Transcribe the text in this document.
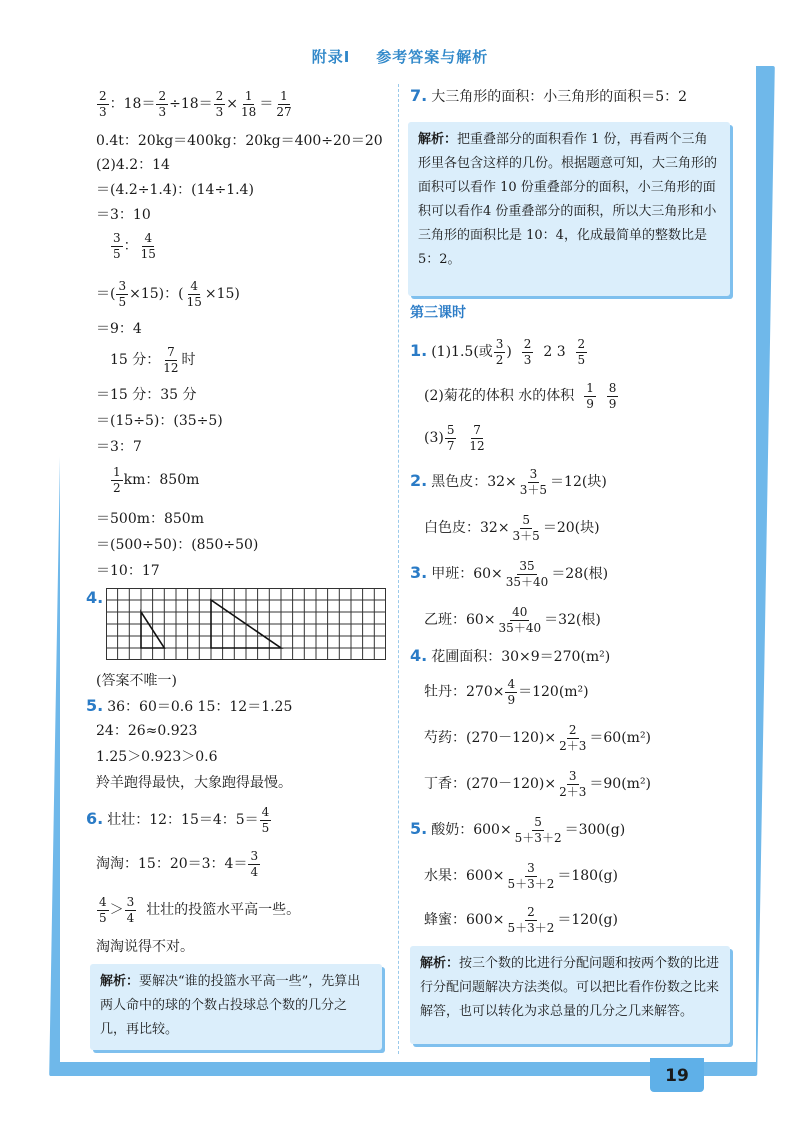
附录Ⅰ 参考答案与解析
$\frac{2}{3}$ ：$18= \frac{2}{3} \div 18= \frac{2}{3} \times \frac{1}{18} = \frac{1}{27}$
0.4t：20kg＝400kg：20kg＝400÷20＝20
(2)4.2：14
＝(4.2÷1.4)：(14÷1.4)
＝3：10
$\frac{3}{5}$ ： $\frac{4}{15}$
＝( $\frac{3}{5} \times 15$)：( $\frac{4}{15} \times 15$)
＝9：4
15 分： $\frac{7}{12}$ 时
＝15 分：35 分
＝(15÷5)：(35÷5)
＝3：7
$\frac{1}{2}$ km：850m
＝500m：850m
＝(500÷50)：(850÷50)
＝10：17
4.
(答案不唯一)
5. 36：60＝0.6 15：12＝1.25
24：26≈0.923
1.25＞0.923＞0.6
羚羊跑得最快，大象跑得最慢。
6. 壮壮：12：15＝4：$5= \frac{4}{5}$
淘淘：15：20＝3：$4= \frac{3}{4}$
$\frac{4}{5} > \frac{3}{4}$ 壮壮的投篮水平高一些。
淘淘说得不对。
解析：要解决“谁的投篮水平高一些”，先算出两人命中的球的个数占投球总个数的几分之几，再比较。
7. 大三角形的面积：小三角形的面积＝5：2
第三课时
1. (1)1.5(或 $\frac{3}{2}$ ) $\frac{2}{3} 2$ $3 \frac{2}{5}$
(2)菊花的体积 水的体积 $\frac{1}{9}$
$\frac{8}{9}$
$(3) \frac{5}{7}$
$\frac{7}{12}$
2. 黑色皮：$32\times \frac{3}{3+5} =12$(块)
白色皮：$32\times \frac{5}{3+5} =20$(块)
3. 甲班：$60\times \frac{35}{35+40} =28$(根)
乙班：$60\times \frac{40}{35+40} =32$(根)
4. 花圃面积：30×9＝270(m²)
牡丹：$270\times \frac{4}{9} =120(m^2)$
芍药：$(270-120)\times \frac{2}{2+3} =60(m^2)$
丁香：$(270-120)\times \frac{3}{2+3} =90(m^2)$
5. 酸奶：$600\times \frac{5}{5+3+2} =300(g)$
水果：$600\times \frac{3}{5+3+2} =180(g)$
蜂蜜：$600\times \frac{2}{5+3+2} =120(g)$
解析：把重叠部分的面积看作 1 份，再看两个三角形里各包含这样的几份。根据题意可知，大三角形的面积可以看作 10 份重叠部分的面积，小三角形的面积可以看作4 份重叠部分的面积，所以大三角形和小三角形的面积比是 10：4，化成最简单的整数比是 5：2。
解析：按三个数的比进行分配问题和按两个数的比进行分配问题解决方法类似。可以把比看作份数之比来解答，也可以转化为求总量的几分之几来解答。
19
